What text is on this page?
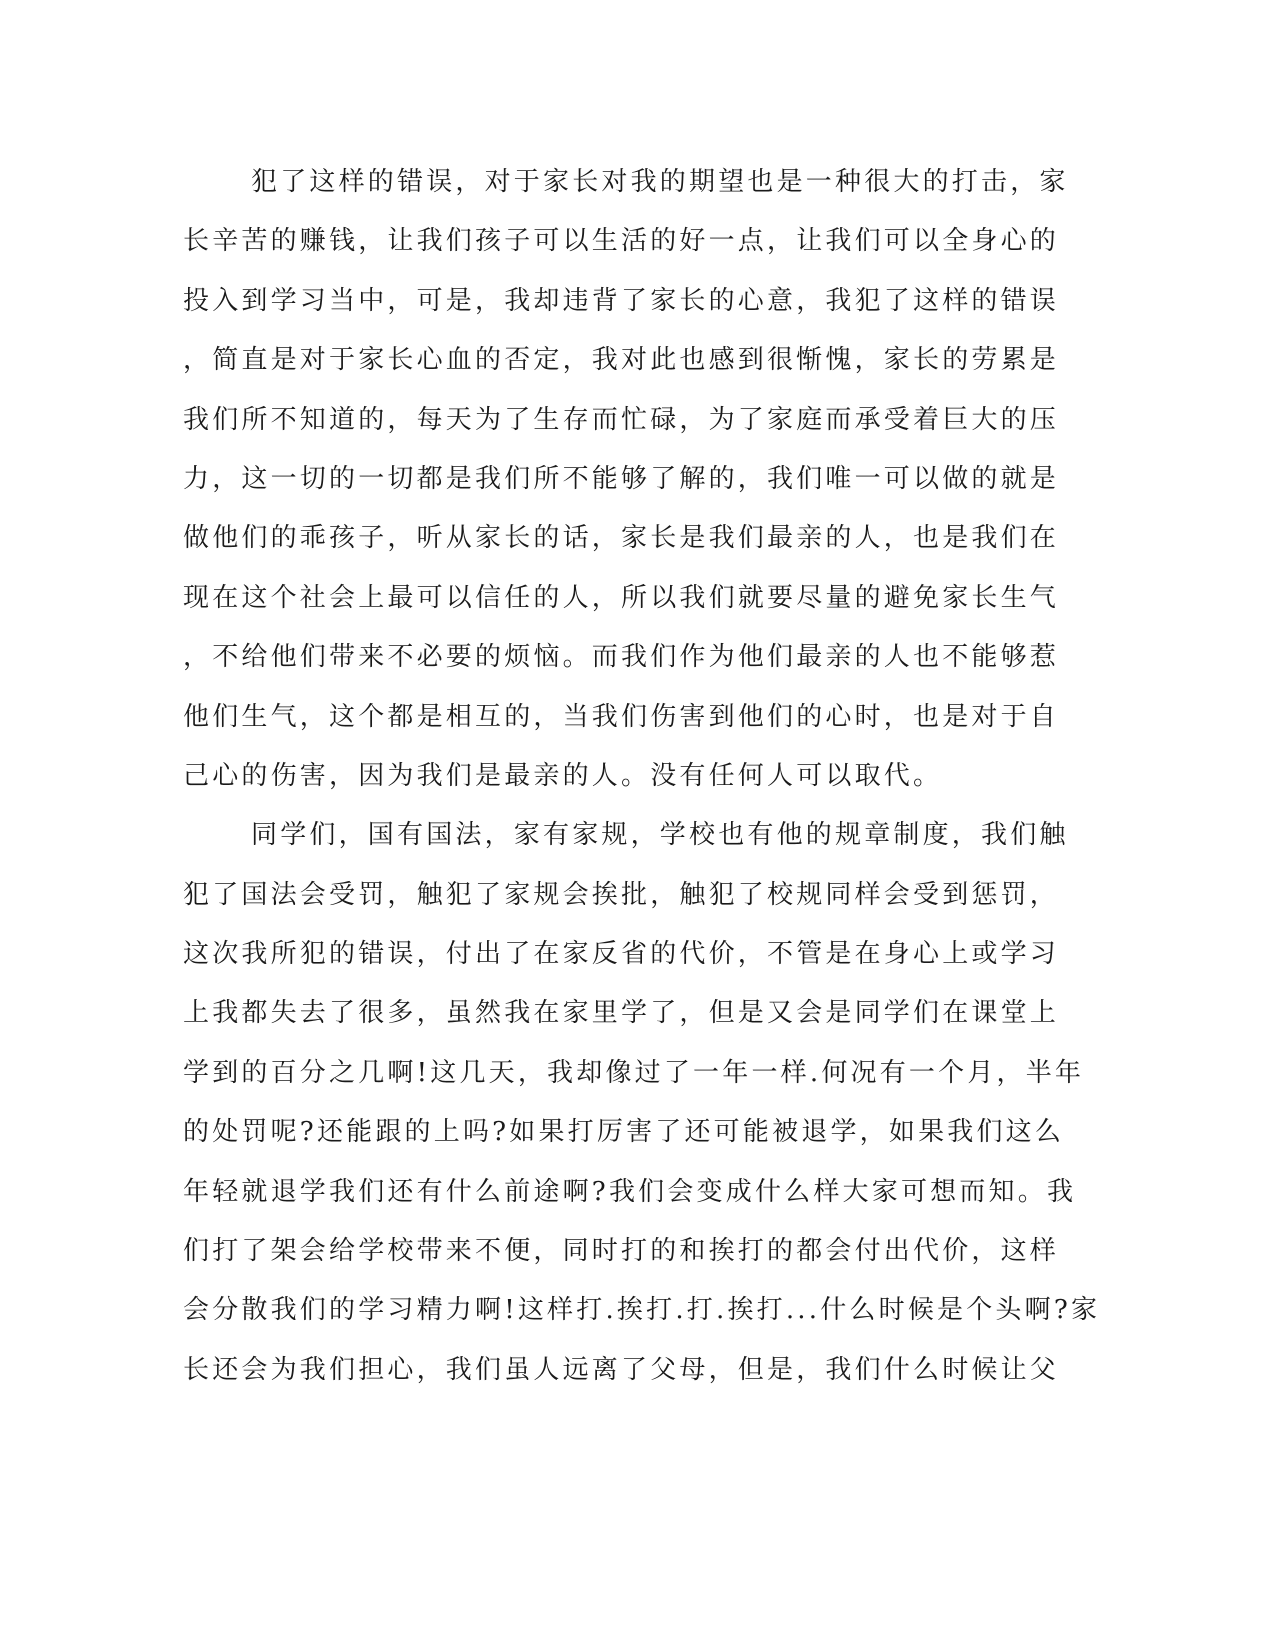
犯了这样的错误，对于家长对我的期望也是一种很大的打击，家
长辛苦的赚钱，让我们孩子可以生活的好一点，让我们可以全身心的
投入到学习当中，可是，我却违背了家长的心意，我犯了这样的错误
，简直是对于家长心血的否定，我对此也感到很惭愧，家长的劳累是
我们所不知道的，每天为了生存而忙碌，为了家庭而承受着巨大的压
力，这一切的一切都是我们所不能够了解的，我们唯一可以做的就是
做他们的乖孩子，听从家长的话，家长是我们最亲的人，也是我们在
现在这个社会上最可以信任的人，所以我们就要尽量的避免家长生气
，不给他们带来不必要的烦恼。而我们作为他们最亲的人也不能够惹
他们生气，这个都是相互的，当我们伤害到他们的心时，也是对于自
己心的伤害，因为我们是最亲的人。没有任何人可以取代。
同学们，国有国法，家有家规，学校也有他的规章制度，我们触
犯了国法会受罚，触犯了家规会挨批，触犯了校规同样会受到惩罚，
这次我所犯的错误，付出了在家反省的代价，不管是在身心上或学习
上我都失去了很多，虽然我在家里学了，但是又会是同学们在课堂上
学到的百分之几啊!这几天，我却像过了一年一样.何况有一个月，半年
的处罚呢?还能跟的上吗?如果打厉害了还可能被退学，如果我们这么
年轻就退学我们还有什么前途啊?我们会变成什么样大家可想而知。我
们打了架会给学校带来不便，同时打的和挨打的都会付出代价，这样
会分散我们的学习精力啊!这样打.挨打.打.挨打...什么时候是个头啊?家
长还会为我们担心，我们虽人远离了父母，但是，我们什么时候让父
